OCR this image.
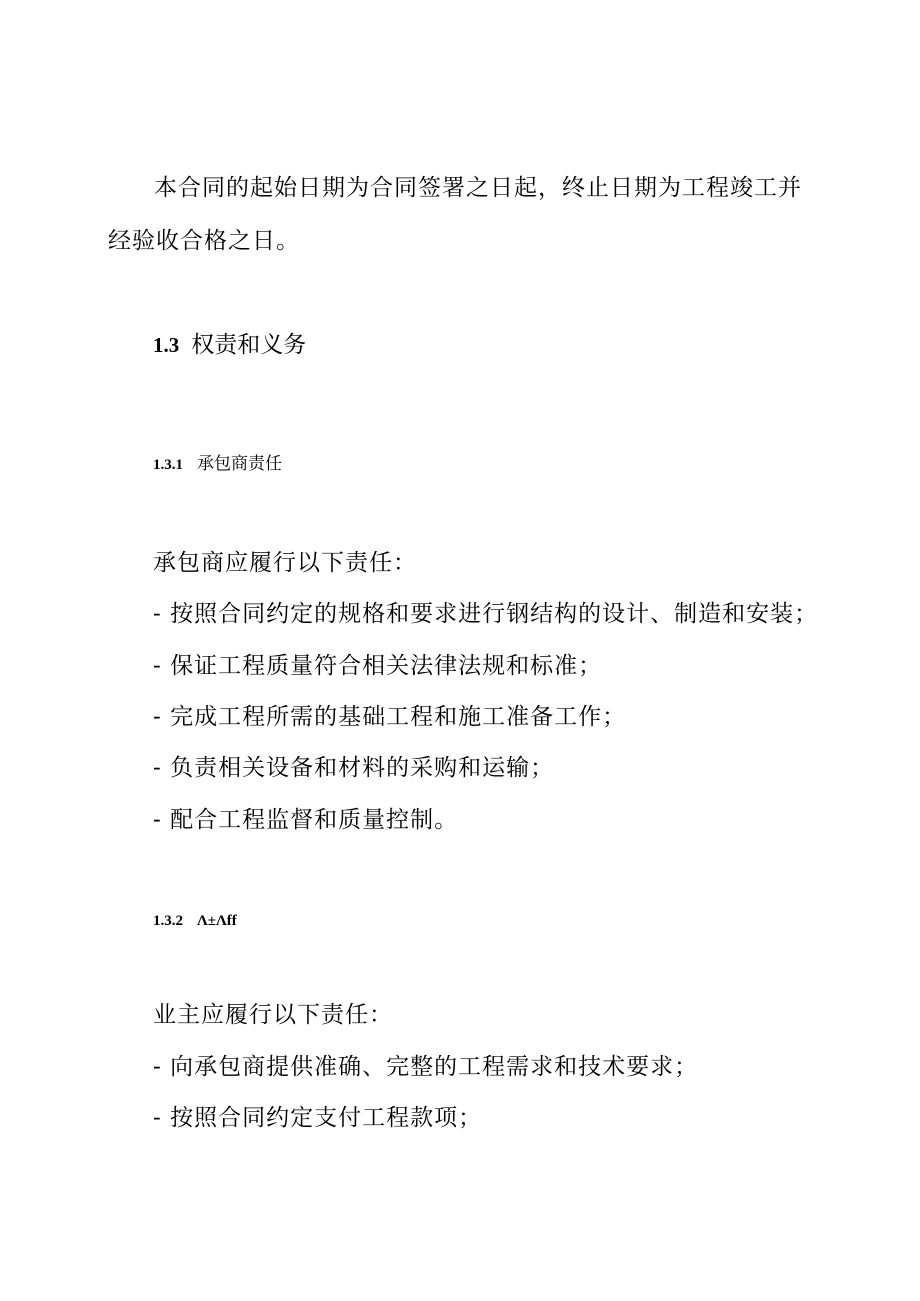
本合同的起始日期为合同签署之日起，终止日期为工程竣工并经验收合格之日。
1.3 权责和义务
1.3.1 承包商责任
承包商应履行以下责任：
- 按照合同约定的规格和要求进行钢结构的设计、制造和安装；
- 保证工程质量符合相关法律法规和标准；
- 完成工程所需的基础工程和施工准备工作；
- 负责相关设备和材料的采购和运输；
- 配合工程监督和质量控制。
1.3.2 Λ±Λff
业主应履行以下责任：
- 向承包商提供准确、完整的工程需求和技术要求；
- 按照合同约定支付工程款项；
